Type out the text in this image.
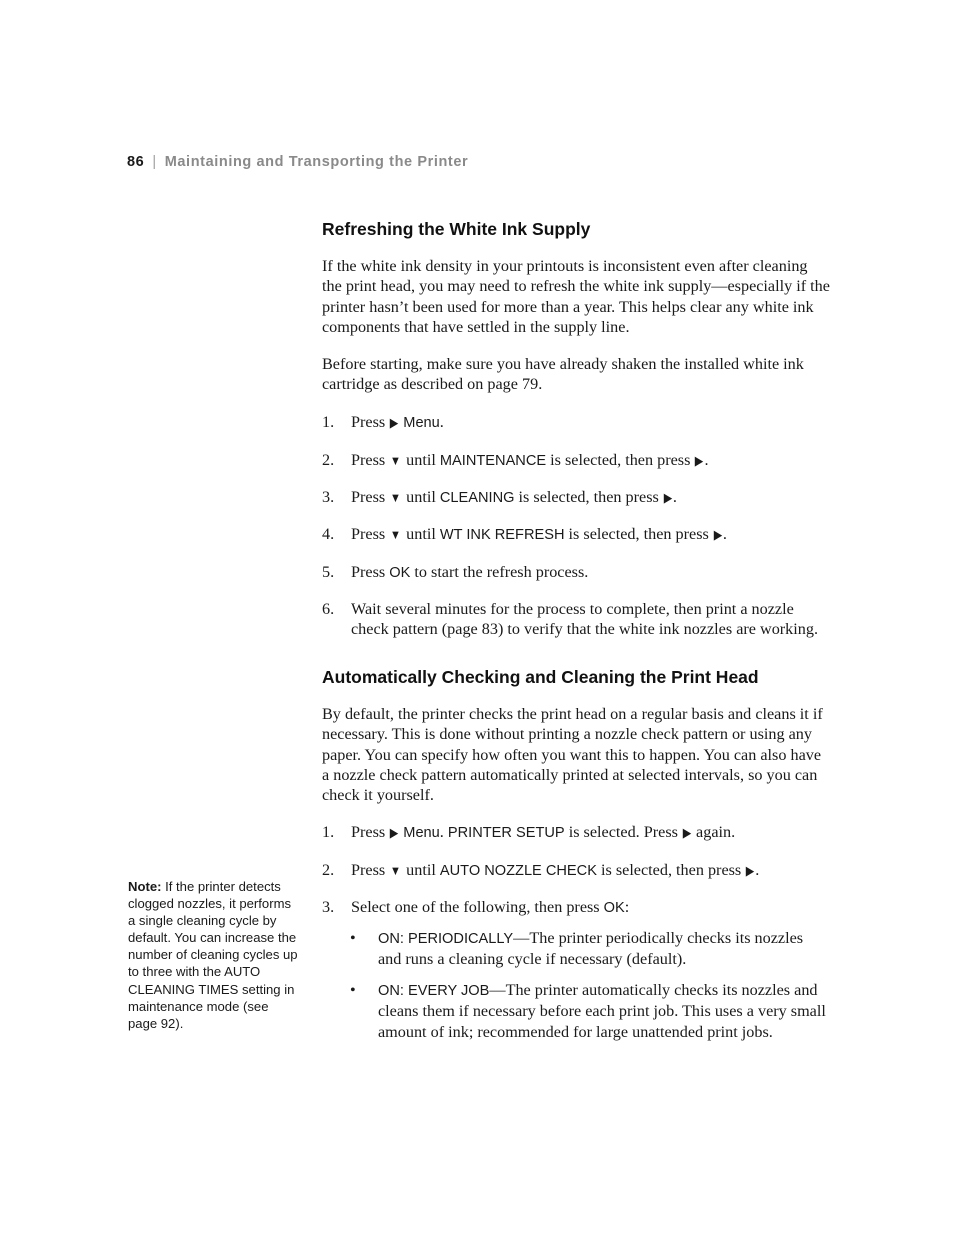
86 | Maintaining and Transporting the Printer
Refreshing the White Ink Supply
If the white ink density in your printouts is inconsistent even after cleaning the print head, you may need to refresh the white ink supply—especially if the printer hasn’t been used for more than a year. This helps clear any white ink components that have settled in the supply line.
Before starting, make sure you have already shaken the installed white ink cartridge as described on page 79.
1. Press ▶ Menu.
2. Press ▼ until MAINTENANCE is selected, then press ▶.
3. Press ▼ until CLEANING is selected, then press ▶.
4. Press ▼ until WT INK REFRESH is selected, then press ▶.
5. Press OK to start the refresh process.
6. Wait several minutes for the process to complete, then print a nozzle check pattern (page 83) to verify that the white ink nozzles are working.
Automatically Checking and Cleaning the Print Head
By default, the printer checks the print head on a regular basis and cleans it if necessary. This is done without printing a nozzle check pattern or using any paper. You can specify how often you want this to happen. You can also have a nozzle check pattern automatically printed at selected intervals, so you can check it yourself.
1. Press ▶ Menu. PRINTER SETUP is selected. Press ▶ again.
2. Press ▼ until AUTO NOZZLE CHECK is selected, then press ▶.
3. Select one of the following, then press OK:
• ON: PERIODICALLY—The printer periodically checks its nozzles and runs a cleaning cycle if necessary (default).
• ON: EVERY JOB—The printer automatically checks its nozzles and cleans them if necessary before each print job. This uses a very small amount of ink; recommended for large unattended print jobs.
Note: If the printer detects clogged nozzles, it performs a single cleaning cycle by default. You can increase the number of cleaning cycles up to three with the AUTO CLEANING TIMES setting in maintenance mode (see page 92).
